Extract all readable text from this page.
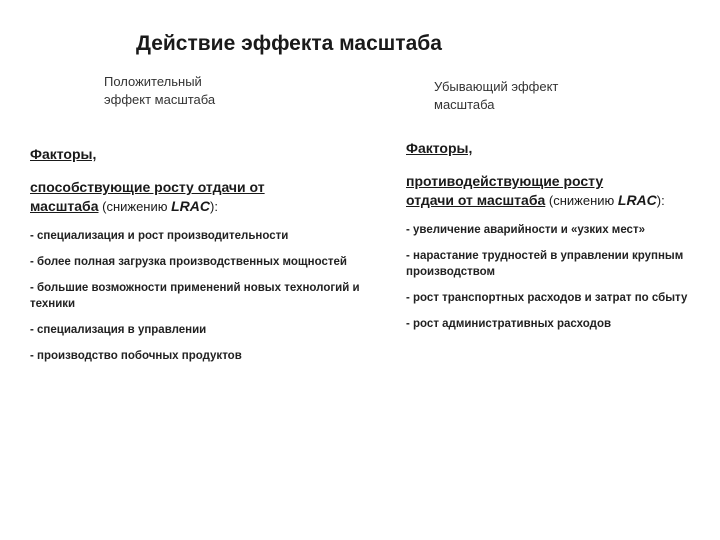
Действие эффекта масштаба
Положительный
эффект масштаба
Убывающий эффект
масштаба
Факторы,
способствующие росту отдачи от
масштаба (снижению LRAC):
- специализация и рост производительности
- более полная загрузка производственных мощностей
- большие возможности применений новых технологий и техники
- специализация в управлении
- производство побочных продуктов
Факторы,
противодействующие росту
отдачи от масштаба (снижению LRAC):
- увеличение аварийности и «узких мест»
- нарастание трудностей в управлении крупным производством
- рост транспортных расходов и затрат по сбыту
- рост административных расходов
